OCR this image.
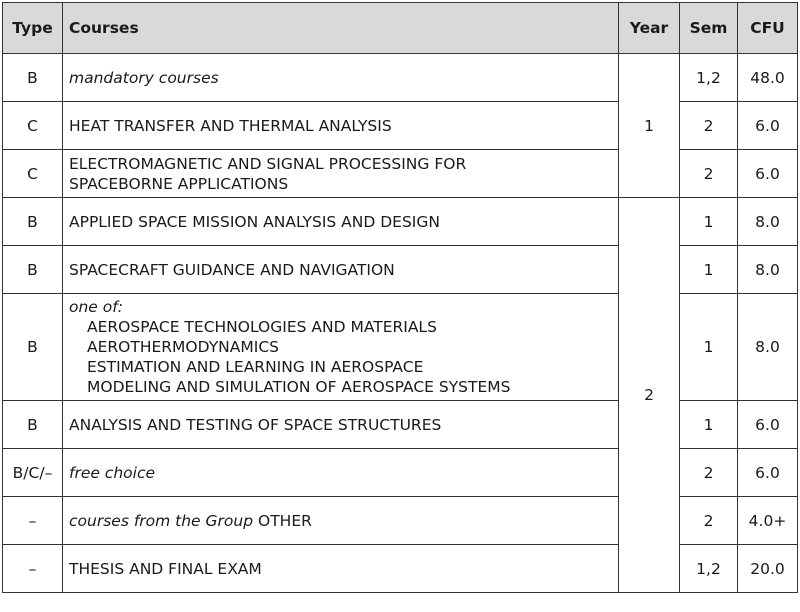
Type	Courses	Year	Sem	CFU
B	mandatory courses	1	1,2	48.0
C	HEAT TRANSFER AND THERMAL ANALYSIS		2	6.0
C	ELECTROMAGNETIC AND SIGNAL PROCESSING FOR
SPACEBORNE APPLICATIONS		2	6.0
B	APPLIED SPACE MISSION ANALYSIS AND DESIGN	2	1	8.0
B	SPACECRAFT GUIDANCE AND NAVIGATION		1	8.0
B	one of:
AEROSPACE TECHNOLOGIES AND MATERIALS
AEROTHERMODYNAMICS
ESTIMATION AND LEARNING IN AEROSPACE
MODELING AND SIMULATION OF AEROSPACE SYSTEMS		1	8.0
B	ANALYSIS AND TESTING OF SPACE STRUCTURES		1	6.0
B/C/–	free choice		2	6.0
–	courses from the Group OTHER		2	4.0+
–	THESIS AND FINAL EXAM		1,2	20.0
